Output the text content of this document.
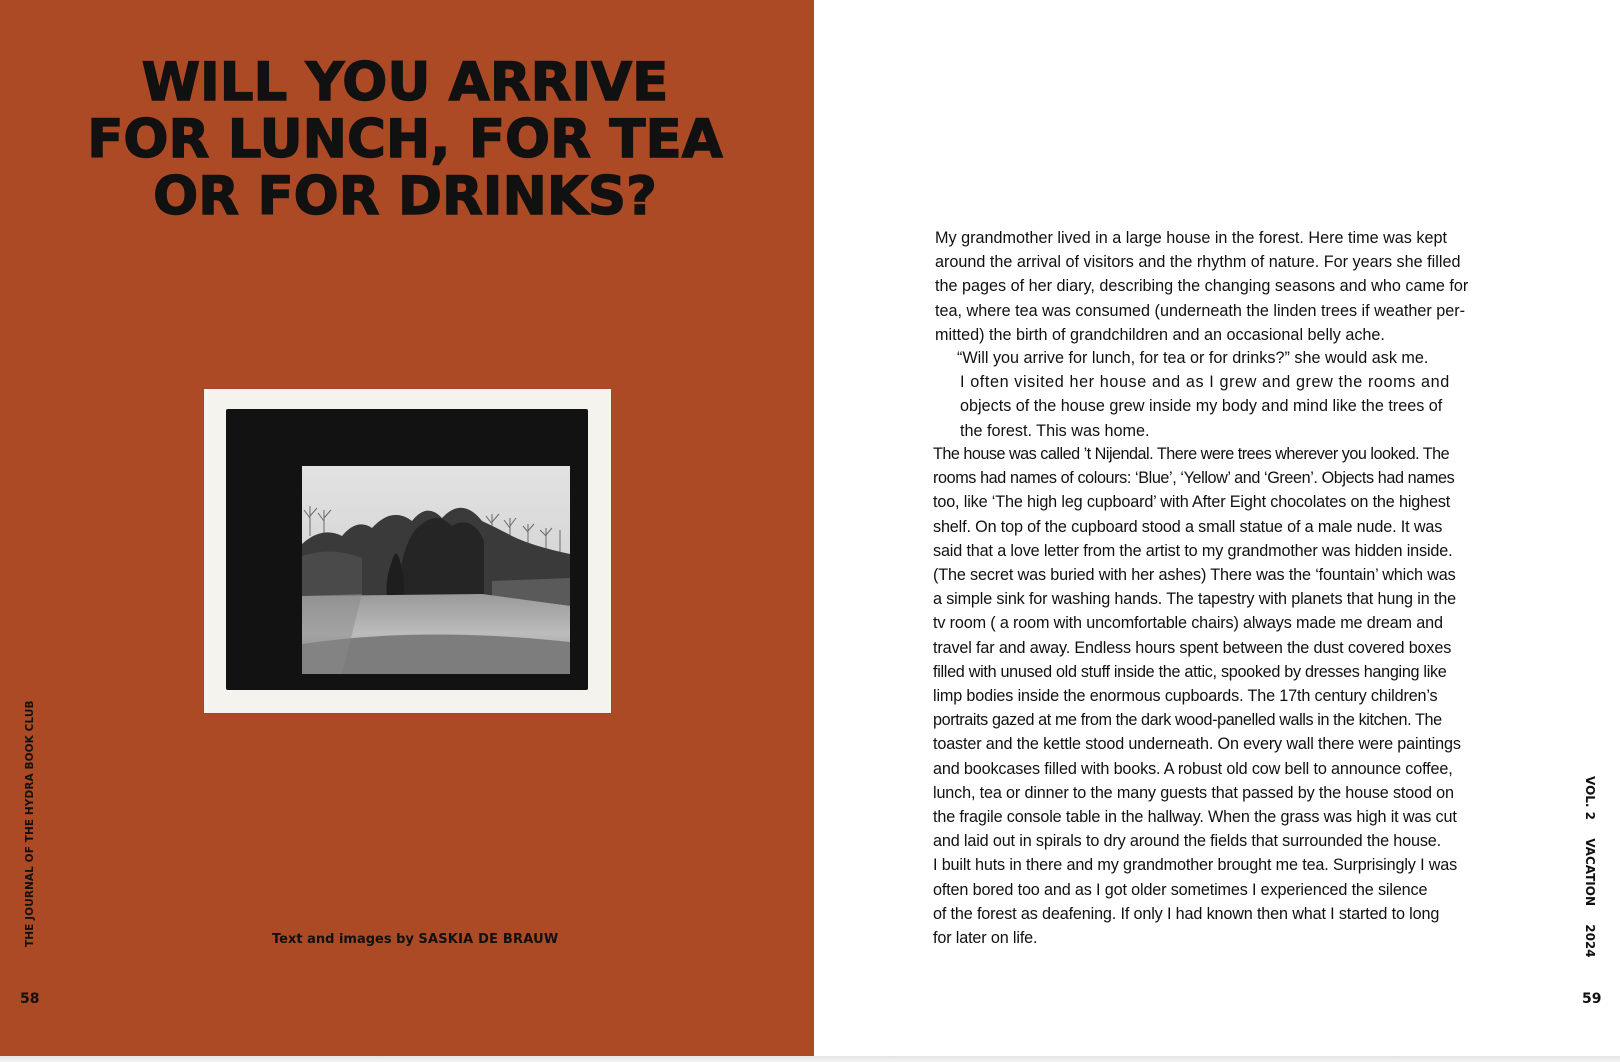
WILL YOU ARRIVE
FOR LUNCH, FOR TEA
OR FOR DRINKS?
THE JOURNAL OF THE HYDRA BOOK CLUB	Text and images by SASKIA DE BRAUW
58
My grandmother lived in a large house in the forest. Here time was kept
around the arrival of visitors and the rhythm of nature. For years she filled
the pages of her diary, describing the changing seasons and who came for
tea, where tea was consumed (underneath the linden trees if weather per-
mitted) the birth of grandchildren and an occasional belly ache.
“Will you arrive for lunch, for tea or for drinks?” she would ask me.
I often visited her house and as I grew and grew the rooms and
objects of the house grew inside my body and mind like the trees of
the forest. This was home.
The house was called ’t Nijendal. There were trees wherever you looked. The
rooms had names of colours: ‘Blue’, ‘Yellow’ and ‘Green’. Objects had names
too, like ‘The high leg cupboard’ with After Eight chocolates on the highest
shelf. On top of the cupboard stood a small statue of a male nude. It was
said that a love letter from the artist to my grandmother was hidden inside.
(The secret was buried with her ashes) There was the ‘fountain’ which was
a simple sink for washing hands. The tapestry with planets that hung in the
tv room ( a room with uncomfortable chairs) always made me dream and
travel far and away. Endless hours spent between the dust covered boxes
filled with unused old stuff inside the attic, spooked by dresses hanging like
limp bodies inside the enormous cupboards. The 17th century children’s
portraits gazed at me from the dark wood-panelled walls in the kitchen. The
toaster and the kettle stood underneath. On every wall there were paintings
and bookcases filled with books. A robust old cow bell to announce coffee,
lunch, tea or dinner to the many guests that passed by the house stood on
the fragile console table in the hallway. When the grass was high it was cut
and laid out in spirals to dry around the fields that surrounded the house.
I built huts in there and my grandmother brought me tea. Surprisingly I was
often bored too and as I got older sometimes I experienced the silence
of the forest as deafening. If only I had known then what I started to long
for later on life.
VOL. 2 VACATION 2024
59
